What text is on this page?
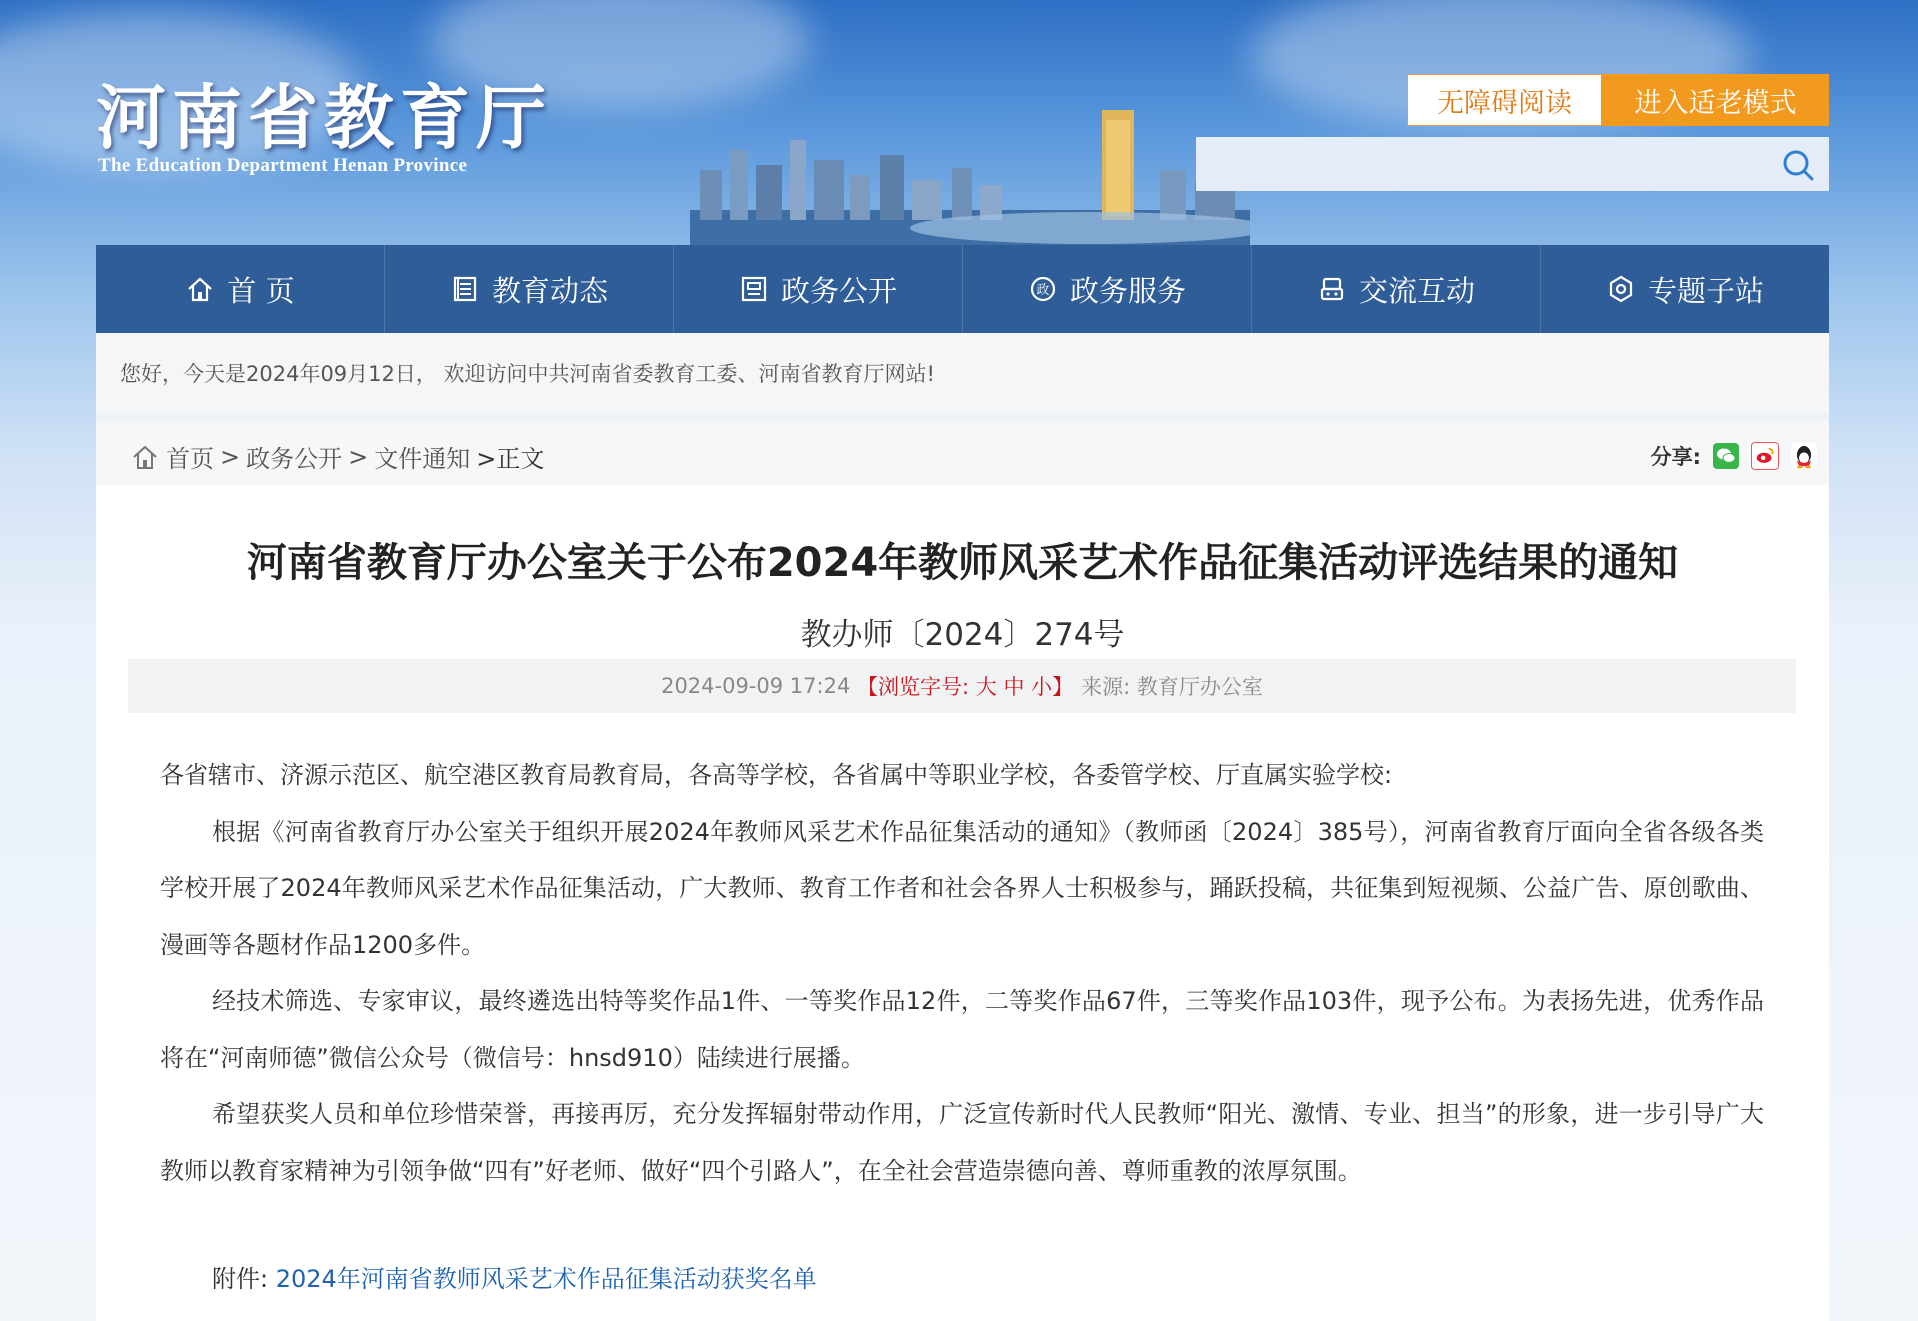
河南省教育厅
The Education Department Henan Province
无障碍阅读	进入适老模式
首 页	教育动态	政务公开	政 政务服务	交流互动	专题子站
您好，今天是2024年09月12日， 欢迎访问中共河南省委教育工委、河南省教育厅网站!
首页 > 政务公开 > 文件通知 >正文	分享:
河南省教育厅办公室关于公布2024年教师风采艺术作品征集活动评选结果的通知
教办师〔2024〕274号
2024-09-09 17:24 【浏览字号: 大 中 小】 来源: 教育厅办公室

各省辖市、济源示范区、航空港区教育局教育局，各高等学校，各省属中等职业学校，各委管学校、厅直属实验学校:

根据《河南省教育厅办公室关于组织开展2024年教师风采艺术作品征集活动的通知》（教师函〔2024〕385号），河南省教育厅面向全省各级各类学校开展了2024年教师风采艺术作品征集活动，广大教师、教育工作者和社会各界人士积极参与，踊跃投稿，共征集到短视频、公益广告、原创歌曲、漫画等各题材作品1200多件。

经技术筛选、专家审议，最终遴选出特等奖作品1件、一等奖作品12件，二等奖作品67件，三等奖作品103件，现予公布。为表扬先进，优秀作品将在“河南师德”微信公众号（微信号：hnsd910）陆续进行展播。

希望获奖人员和单位珍惜荣誉，再接再厉，充分发挥辐射带动作用，广泛宣传新时代人民教师“阳光、激情、专业、担当”的形象，进一步引导广大教师以教育家精神为引领争做“四有”好老师、做好“四个引路人”，在全社会营造崇德向善、尊师重教的浓厚氛围。

附件: 2024年河南省教师风采艺术作品征集活动获奖名单
